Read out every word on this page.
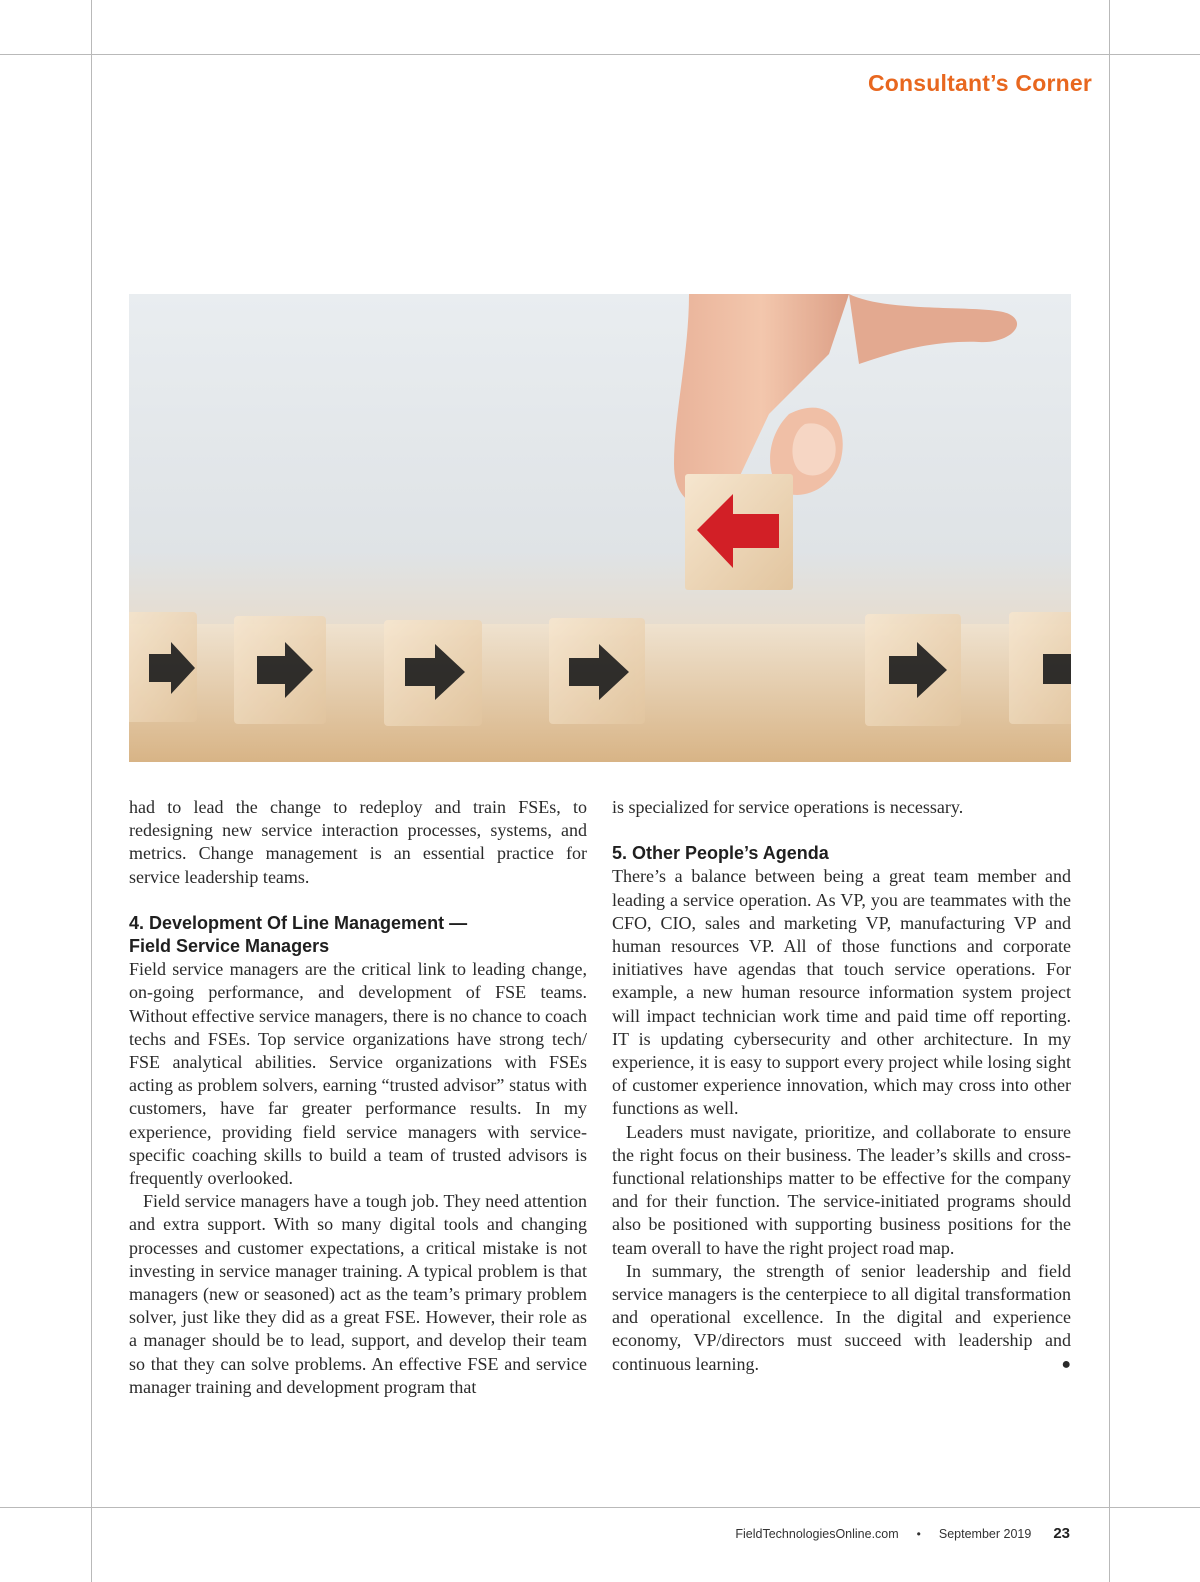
Consultant’s Corner

had to lead the change to redeploy and train FSEs, to redesigning new service interaction processes, systems, and metrics. Change management is an essential practice for service leadership teams.

4. Development Of Line Management —
Field Service Managers

Field service managers are the critical link to leading change, on-going performance, and development of FSE teams. Without effective service managers, there is no chance to coach techs and FSEs. Top service organizations have strong tech/ FSE analytical abilities. Service organizations with FSEs acting as problem solvers, earning “trusted advisor” status with customers, have far greater performance results. In my experience, providing field service managers with service-specific coaching skills to build a team of trusted advisors is frequently overlooked.

Field service managers have a tough job. They need attention and extra support. With so many digital tools and changing processes and customer expectations, a critical mistake is not investing in service manager training. A typical problem is that managers (new or seasoned) act as the team’s primary problem solver, just like they did as a great FSE. However, their role as a manager should be to lead, support, and develop their team so that they can solve problems. An effective FSE and service manager training and development program that

is specialized for service operations is necessary.

5. Other People’s Agenda

There’s a balance between being a great team member and leading a service operation. As VP, you are teammates with the CFO, CIO, sales and marketing VP, manufacturing VP and human resources VP. All of those functions and corporate initiatives have agendas that touch service operations. For example, a new human resource information system project will impact technician work time and paid time off reporting. IT is updating cybersecurity and other architecture. In my experience, it is easy to support every project while losing sight of customer experience innovation, which may cross into other functions as well.

Leaders must navigate, prioritize, and collaborate to ensure the right focus on their business. The leader’s skills and cross-functional relationships matter to be effective for the company and for their function. The service-initiated programs should also be positioned with supporting business positions for the team overall to have the right project road map.

In summary, the strength of senior leadership and field service managers is the centerpiece to all digital transformation and operational excellence. In the digital and experience economy, VP/directors must succeed with leadership and continuous learning.	●

FieldTechnologiesOnline.com • September 2019 23
